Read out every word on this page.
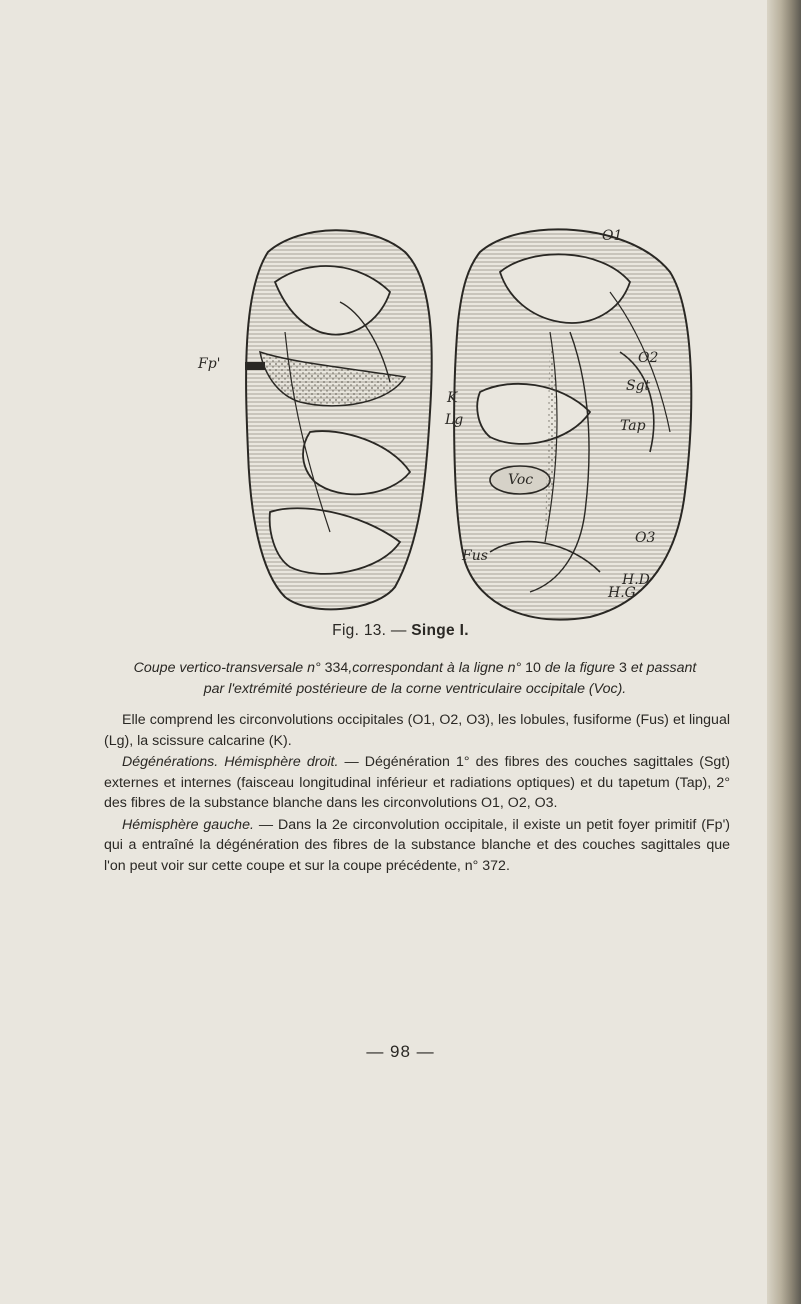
Fp'
K
Lg
O1
O2
Sgt
Tap
Voc
Fus
O3
H.G
H.D
Fig. 13. — Singe I.
Coupe vertico-transversale n° 334,correspondant à la ligne n° 10 de la figure 3 et passant
par l'extrémité postérieure de la corne ventriculaire occipitale (Voc).

Elle comprend les circonvolutions occipitales (O1, O2, O3), les lobules, fusiforme (Fus) et lingual (Lg), la scissure calcarine (K).

Dégénérations. Hémisphère droit. — Dégénération 1° des fibres des couches sagittales (Sgt) externes et internes (faisceau longitudinal inférieur et radiations optiques) et du tapetum (Tap), 2° des fibres de la substance blanche dans les circonvolutions O1, O2, O3.

Hémisphère gauche. — Dans la 2e circonvolution occipitale, il existe un petit foyer primitif (Fp') qui a entraîné la dégénération des fibres de la substance blanche et des couches sagittales que l'on peut voir sur cette coupe et sur la coupe précédente, n° 372.

— 98 —
